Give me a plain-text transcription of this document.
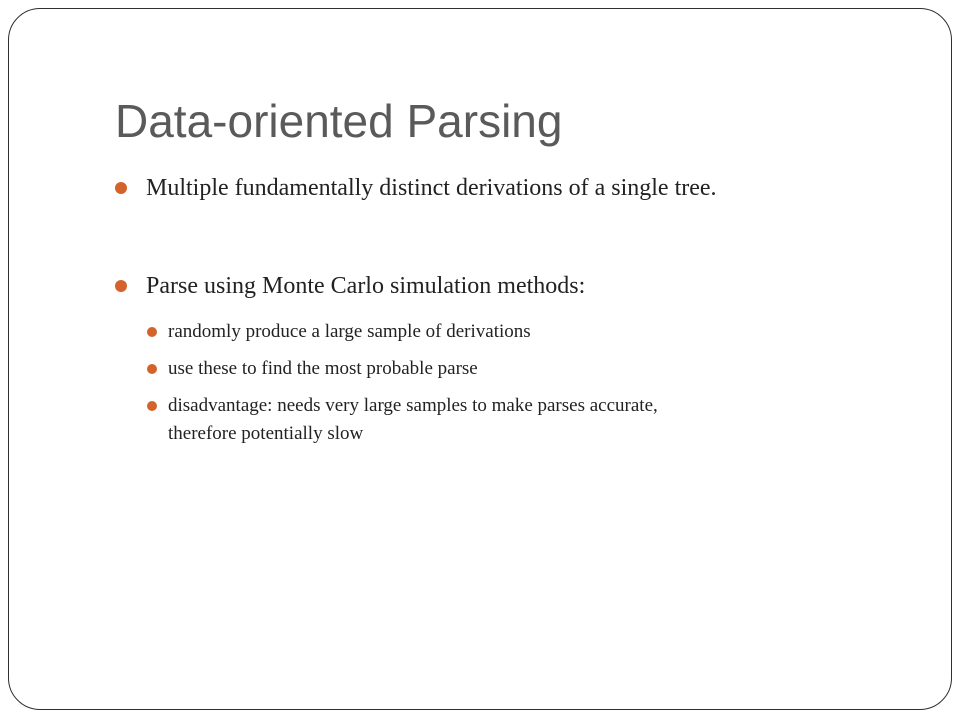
Data-oriented Parsing
Multiple fundamentally distinct derivations of a single tree.
Parse using Monte Carlo simulation methods:
randomly produce a large sample of derivations
use these to find the most probable parse
disadvantage: needs very large samples to make parses accurate,
therefore potentially slow
